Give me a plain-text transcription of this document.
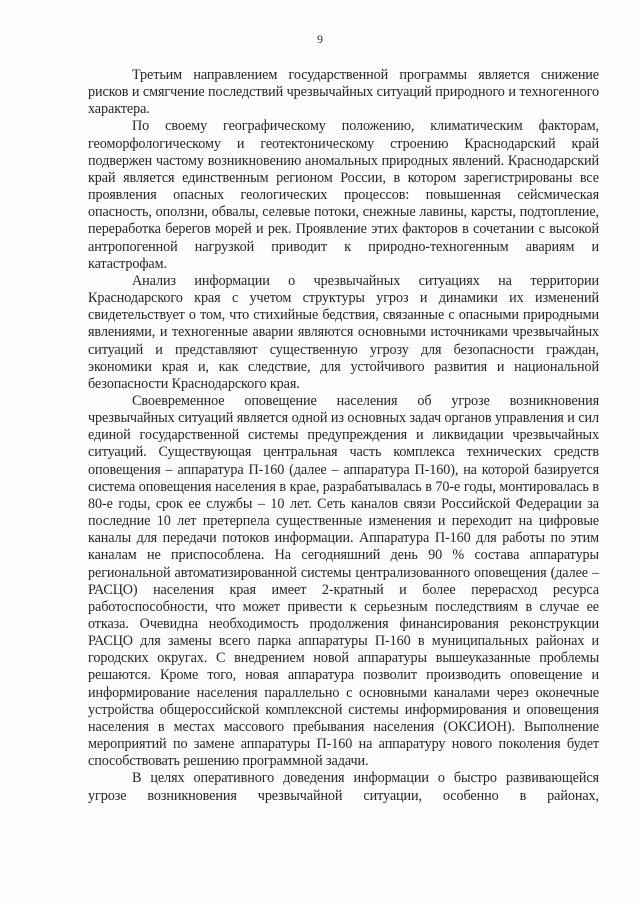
9

Третьим направлением государственной программы является снижение рисков и смягчение последствий чрезвычайных ситуаций природного и техногенного характера.

По своему географическому положению, климатическим факторам, геоморфологическому и геотектоническому строению Краснодарский край подвержен частому возникновению аномальных природных явлений. Краснодарский край является единственным регионом России, в котором зарегистрированы все проявления опасных геологических процессов: повышенная сейсмическая опасность, оползни, обвалы, селевые потоки, снежные лавины, карсты, подтопление, переработка берегов морей и рек. Проявление этих факторов в сочетании с высокой антропогенной нагрузкой приводит к природно-техногенным авариям и катастрофам.

Анализ информации о чрезвычайных ситуациях на территории Краснодарского края с учетом структуры угроз и динамики их изменений свидетельствует о том, что стихийные бедствия, связанные с опасными природными явлениями, и техногенные аварии являются основными источниками чрезвычайных ситуаций и представляют существенную угрозу для безопасности граждан, экономики края и, как следствие, для устойчивого развития и национальной безопасности Краснодарского края.

Своевременное оповещение населения об угрозе возникновения чрезвычайных ситуаций является одной из основных задач органов управления и сил единой государственной системы предупреждения и ликвидации чрезвычайных ситуаций. Существующая центральная часть комплекса технических средств оповещения – аппаратура П-160 (далее – аппаратура П-160), на которой базируется система оповещения населения в крае, разрабатывалась в 70-е годы, монтировалась в 80-е годы, срок ее службы – 10 лет. Сеть каналов связи Российской Федерации за последние 10 лет претерпела существенные изменения и переходит на цифровые каналы для передачи потоков информации. Аппаратура П-160 для работы по этим каналам не приспособлена. На сегодняшний день 90 % состава аппаратуры региональной автоматизированной системы централизованного оповещения (далее – РАСЦО) населения края имеет 2-кратный и более перерасход ресурса работоспособности, что может привести к серьезным последствиям в случае ее отказа. Очевидна необходимость продолжения финансирования реконструкции РАСЦО для замены всего парка аппаратуры П-160 в муниципальных районах и городских округах. С внедрением новой аппаратуры вышеуказанные проблемы решаются. Кроме того, новая аппаратура позволит производить оповещение и информирование населения параллельно с основными каналами через оконечные устройства общероссийской комплексной системы информирования и оповещения населения в местах массового пребывания населения (ОКСИОН). Выполнение мероприятий по замене аппаратуры П-160 на аппаратуру нового поколения будет способствовать решению программной задачи.

В целях оперативного доведения информации о быстро развивающейся угрозе возникновения чрезвычайной ситуации, особенно в районах,
